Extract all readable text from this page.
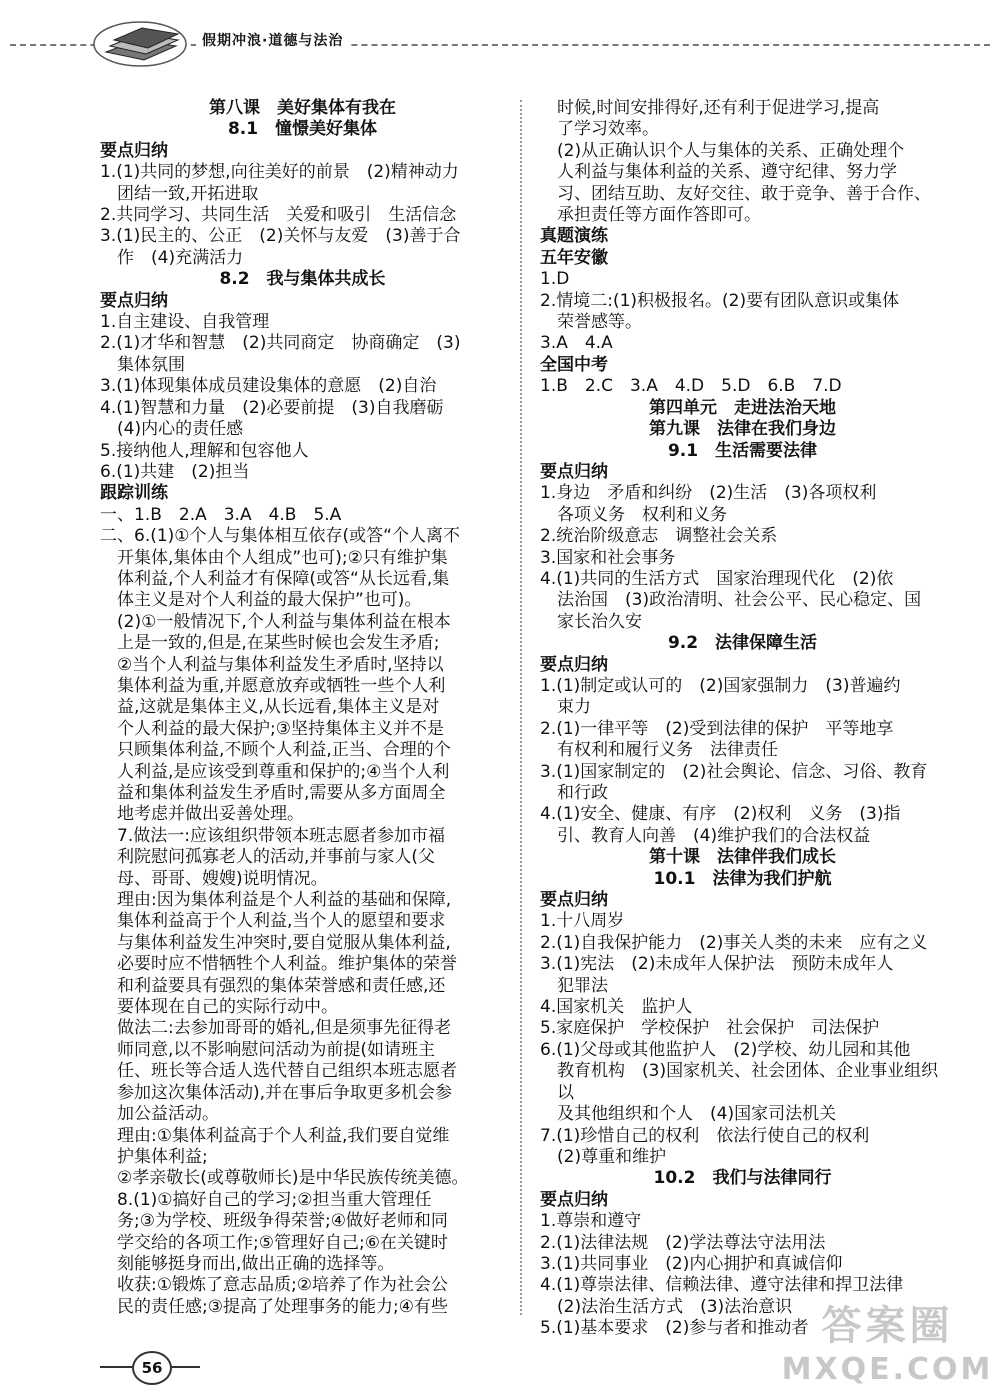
假期冲浪·道德与法治

第八课　美好集体有我在

8.1　憧憬美好集体

要点归纳

1.(1)共同的梦想,向往美好的前景　(2)精神动力

团结一致,开拓进取

2.共同学习、共同生活　关爱和吸引　生活信念

3.(1)民主的、公正　(2)关怀与友爱　(3)善于合

作　(4)充满活力

8.2　我与集体共成长

要点归纳

1.自主建设、自我管理

2.(1)才华和智慧　(2)共同商定　协商确定　(3)

集体氛围

3.(1)体现集体成员建设集体的意愿　(2)自治

4.(1)智慧和力量　(2)必要前提　(3)自我磨砺

(4)内心的责任感

5.接纳他人,理解和包容他人

6.(1)共建　(2)担当

跟踪训练

一、1.B　2.A　3.A　4.B　5.A

二、6.(1)①个人与集体相互依存(或答“个人离不

开集体,集体由个人组成”也可);②只有维护集

体利益,个人利益才有保障(或答“从长远看,集

体主义是对个人利益的最大保护”也可)。

(2)①一般情况下,个人利益与集体利益在根本

上是一致的,但是,在某些时候也会发生矛盾;

②当个人利益与集体利益发生矛盾时,坚持以

集体利益为重,并愿意放弃或牺牲一些个人利

益,这就是集体主义,从长远看,集体主义是对

个人利益的最大保护;③坚持集体主义并不是

只顾集体利益,不顾个人利益,正当、合理的个

人利益,是应该受到尊重和保护的;④当个人利

益和集体利益发生矛盾时,需要从多方面周全

地考虑并做出妥善处理。

7.做法一:应该组织带领本班志愿者参加市福

利院慰问孤寡老人的活动,并事前与家人(父

母、哥哥、嫂嫂)说明情况。

理由:因为集体利益是个人利益的基础和保障,

集体利益高于个人利益,当个人的愿望和要求

与集体利益发生冲突时,要自觉服从集体利益,

必要时应不惜牺牲个人利益。维护集体的荣誉

和利益要具有强烈的集体荣誉感和责任感,还

要体现在自己的实际行动中。

做法二:去参加哥哥的婚礼,但是须事先征得老

师同意,以不影响慰问活动为前提(如请班主

任、班长等合适人选代替自己组织本班志愿者

参加这次集体活动),并在事后争取更多机会参

加公益活动。

理由:①集体利益高于个人利益,我们要自觉维

护集体利益;

②孝亲敬长(或尊敬师长)是中华民族传统美德。

8.(1)①搞好自己的学习;②担当重大管理任

务;③为学校、班级争得荣誉;④做好老师和同

学交给的各项工作;⑤管理好自己;⑥在关键时

刻能够挺身而出,做出正确的选择等。

收获:①锻炼了意志品质;②培养了作为社会公

民的责任感;③提高了处理事务的能力;④有些

时候,时间安排得好,还有利于促进学习,提高

了学习效率。

(2)从正确认识个人与集体的关系、正确处理个

人利益与集体利益的关系、遵守纪律、努力学

习、团结互助、友好交往、敢于竞争、善于合作、

承担责任等方面作答即可。

真题演练

五年安徽

1.D

2.情境二:(1)积极报名。(2)要有团队意识或集体

荣誉感等。

3.A　4.A

全国中考

1.B　2.C　3.A　4.D　5.D　6.B　7.D

第四单元　走进法治天地

第九课　法律在我们身边

9.1　生活需要法律

要点归纳

1.身边　矛盾和纠纷　(2)生活　(3)各项权利

各项义务　权利和义务

2.统治阶级意志　调整社会关系

3.国家和社会事务

4.(1)共同的生活方式　国家治理现代化　(2)依

法治国　(3)政治清明、社会公平、民心稳定、国

家长治久安

9.2　法律保障生活

要点归纳

1.(1)制定或认可的　(2)国家强制力　(3)普遍约

束力

2.(1)一律平等　(2)受到法律的保护　平等地享

有权利和履行义务　法律责任

3.(1)国家制定的　(2)社会舆论、信念、习俗、教育

和行政

4.(1)安全、健康、有序　(2)权利　义务　(3)指

引、教育人向善　(4)维护我们的合法权益

第十课　法律伴我们成长

10.1　法律为我们护航

要点归纳

1.十八周岁

2.(1)自我保护能力　(2)事关人类的未来　应有之义

3.(1)宪法　(2)未成年人保护法　预防未成年人

犯罪法

4.国家机关　监护人

5.家庭保护　学校保护　社会保护　司法保护

6.(1)父母或其他监护人　(2)学校、幼儿园和其他

教育机构　(3)国家机关、社会团体、企业事业组织以

及其他组织和个人　(4)国家司法机关

7.(1)珍惜自己的权利　依法行使自己的权利

(2)尊重和维护

10.2　我们与法律同行

要点归纳

1.尊崇和遵守

2.(1)法律法规　(2)学法尊法守法用法

3.(1)共同事业　(2)内心拥护和真诚信仰

4.(1)尊崇法律、信赖法律、遵守法律和捍卫法律

(2)法治生活方式　(3)法治意识

5.(1)基本要求　(2)参与者和推动者

56
答案圈
MXQE.COM
